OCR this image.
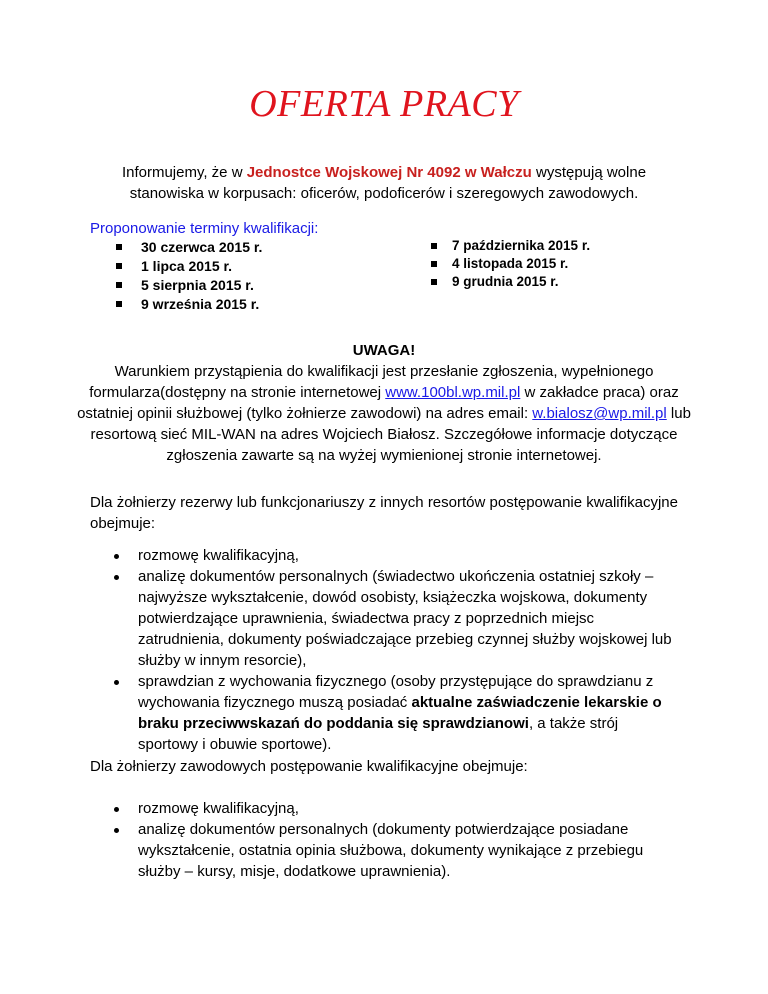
OFERTA PRACY
Informujemy, że w Jednostce Wojskowej Nr 4092 w Wałczu występują wolne stanowiska w korpusach: oficerów, podoficerów i szeregowych zawodowych.
Proponowanie terminy kwalifikacji:
30 czerwca 2015 r.
1 lipca 2015 r.
5 sierpnia 2015 r.
9 września 2015 r.
7 października 2015 r.
4 listopada 2015 r.
9 grudnia 2015 r.
UWAGA!
Warunkiem przystąpienia do kwalifikacji jest przesłanie zgłoszenia, wypełnionego formularza(dostępny na stronie internetowej www.100bl.wp.mil.pl w zakładce praca) oraz ostatniej opinii służbowej (tylko żołnierze zawodowi) na adres email: w.bialosz@wp.mil.pl lub resortową sieć MIL-WAN na adres Wojciech Białosz. Szczegółowe informacje dotyczące zgłoszenia zawarte są na wyżej wymienionej stronie internetowej.
Dla żołnierzy rezerwy lub funkcjonariuszy z innych resortów postępowanie kwalifikacyjne obejmuje:
rozmowę kwalifikacyjną,
analizę dokumentów personalnych (świadectwo ukończenia ostatniej szkoły – najwyższe wykształcenie, dowód osobisty, książeczka wojskowa, dokumenty potwierdzające uprawnienia, świadectwa pracy z poprzednich miejsc zatrudnienia, dokumenty poświadczające przebieg czynnej służby wojskowej lub służby w innym resorcie),
sprawdzian z wychowania fizycznego (osoby przystępujące do sprawdzianu z wychowania fizycznego muszą posiadać aktualne zaświadczenie lekarskie o braku przeciwwskazań do poddania się sprawdzianowi, a także strój sportowy i obuwie sportowe).
Dla żołnierzy zawodowych postępowanie kwalifikacyjne obejmuje:
rozmowę kwalifikacyjną,
analizę dokumentów personalnych (dokumenty potwierdzające posiadane wykształcenie, ostatnia opinia służbowa, dokumenty wynikające z przebiegu służby – kursy, misje, dodatkowe uprawnienia).
